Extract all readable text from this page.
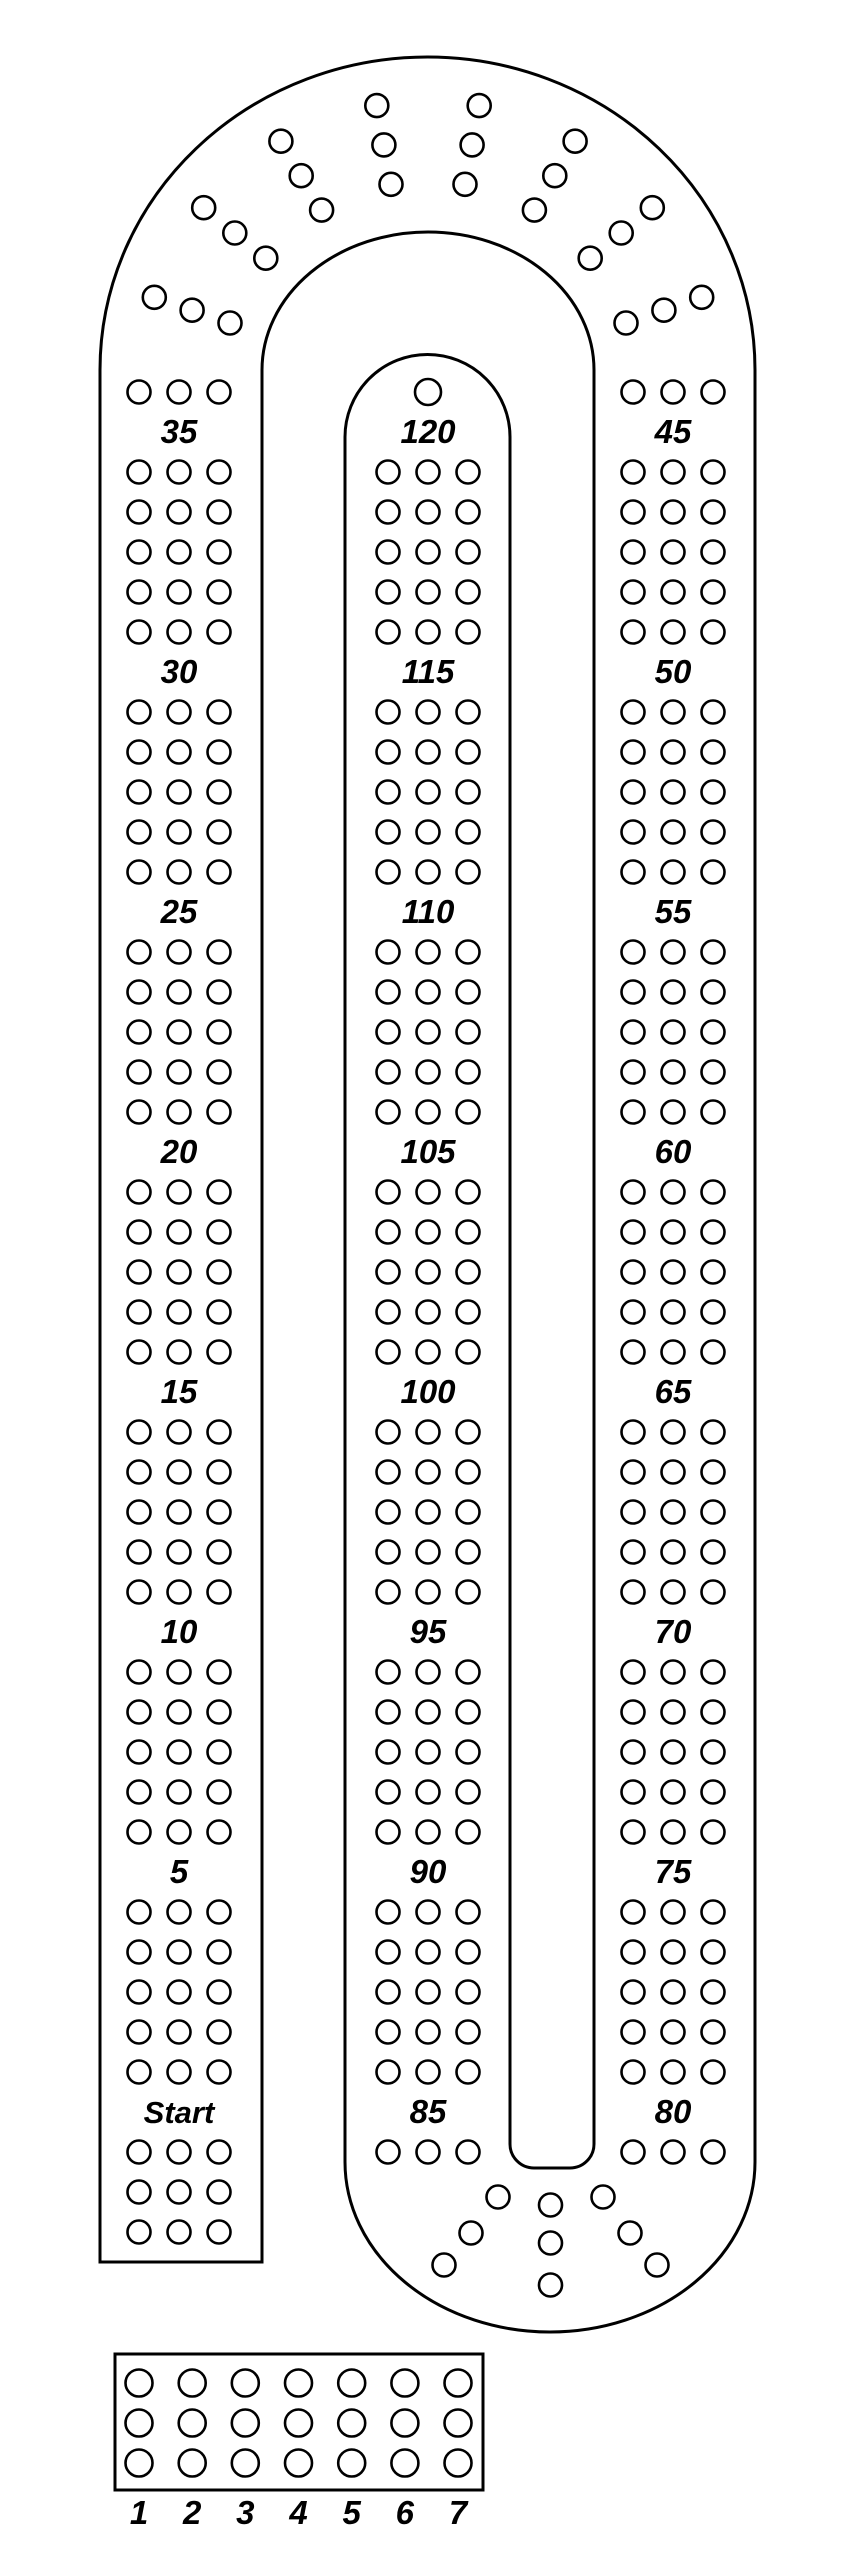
35
30
25
20
15
10
5
Start
120
115
110
105
100
95
90
85
45
50
55
60
65
70
75
80
1 2 3 4 5 6 7
